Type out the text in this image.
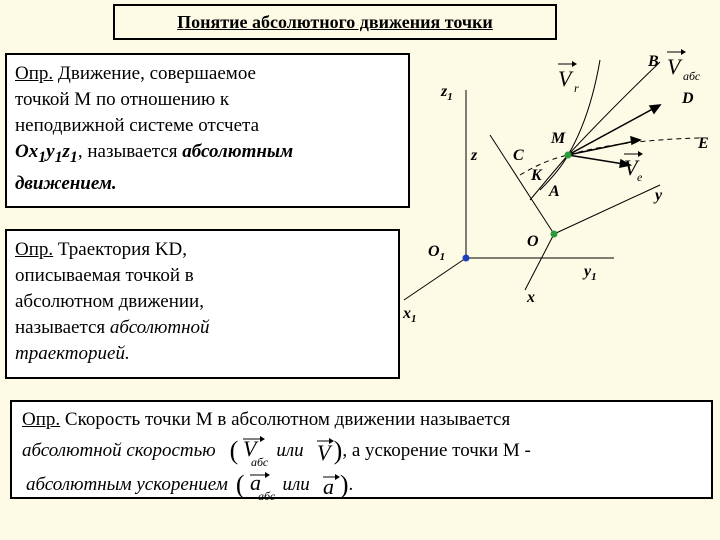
Понятие абсолютного движения точки
Опр. Движение, совершаемое
точкой M по отношению к
неподвижной системе отсчета
$Ox_1y_1z_1$, называется абсолютным
движением.
Опр. Траектория KD,
описываемая точкой в
абсолютном движении,
называется абсолютной
траекторией.
Опр. Скорость точки M в абсолютном движении называется
абсолютной скоростью ( V
абс
или V ) , а ускорение точки M -
абсолютным ускорением ( a
абс
или a ) .
$z_1$
z
$O_1$
$x_1$
O
$y_1$
x
y
C
M
K
A
B
D
E
V r
V e
V абс
